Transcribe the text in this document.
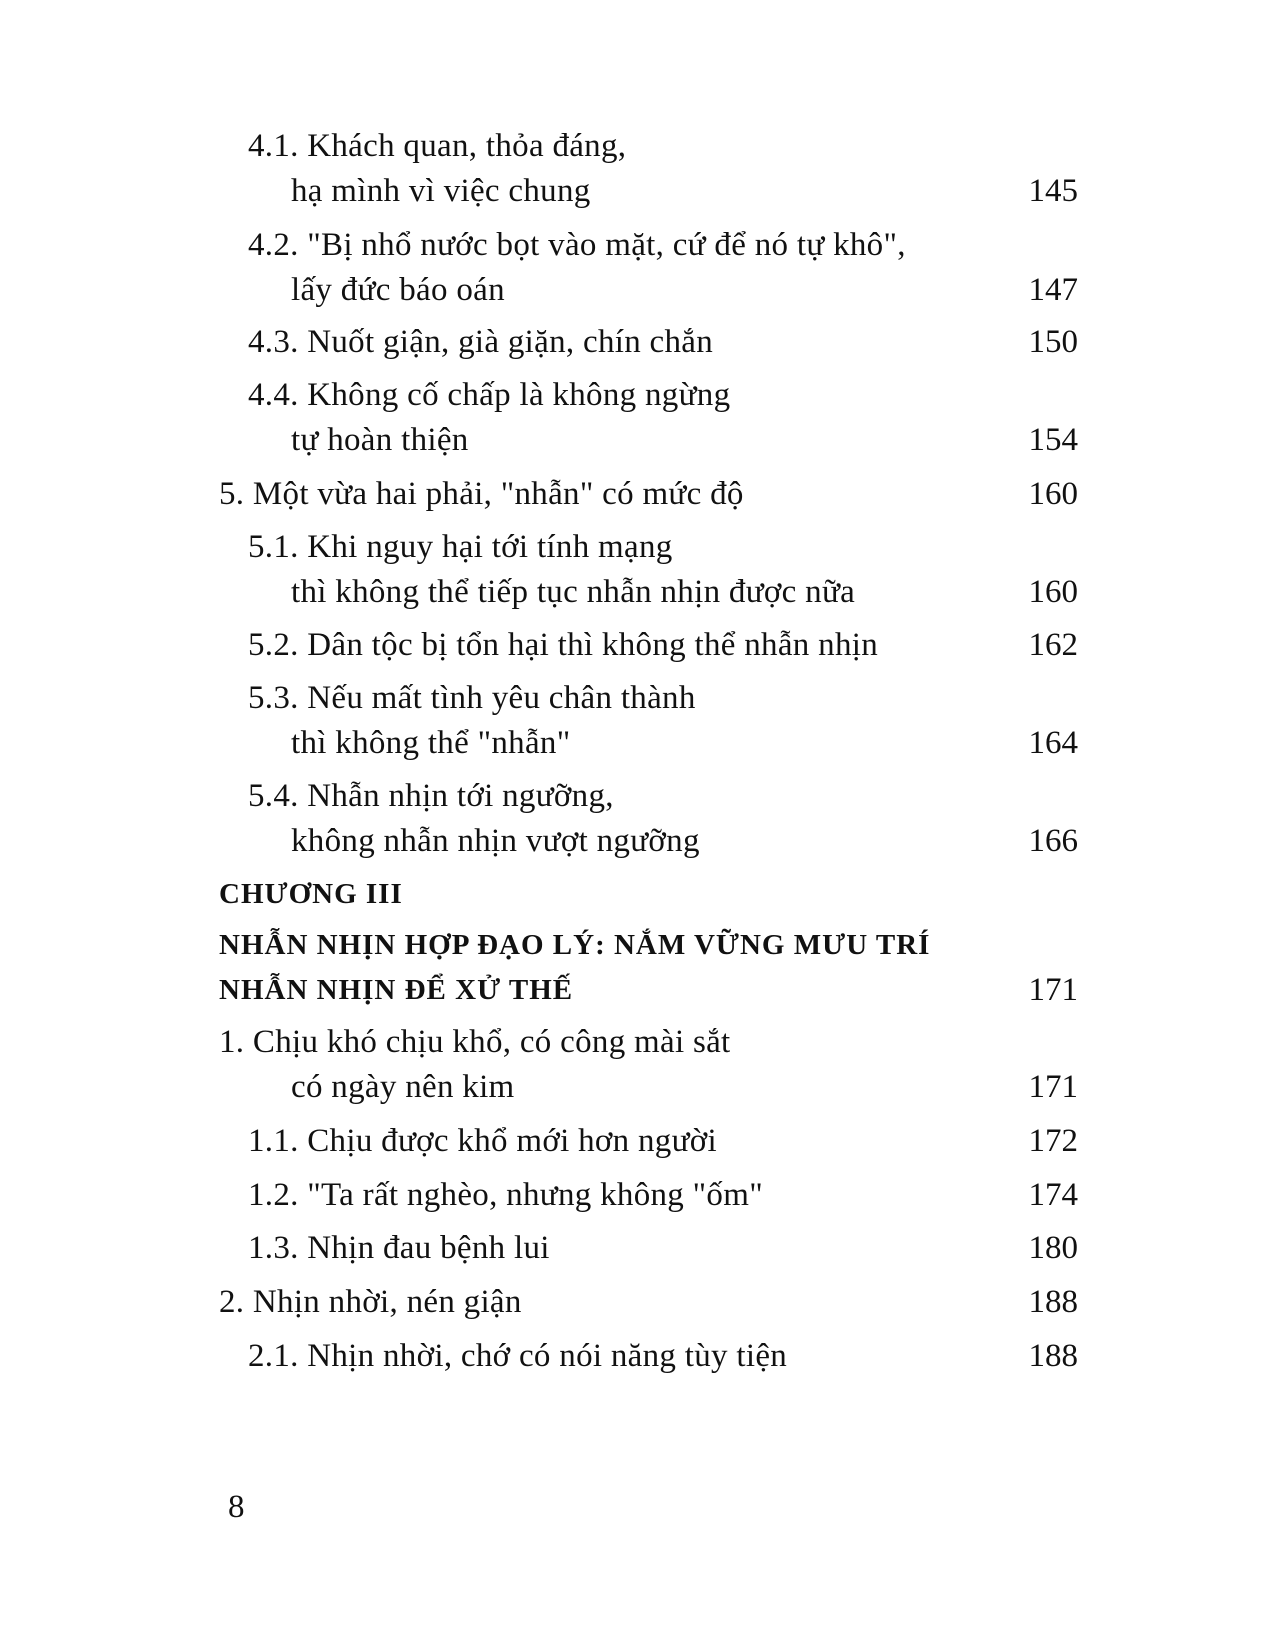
4.1. Khách quan, thỏa đáng,
hạ mình vì việc chung	145
4.2. "Bị nhổ nước bọt vào mặt, cứ để nó tự khô",
lấy đức báo oán	147
4.3. Nuốt giận, già giặn, chín chắn	150
4.4. Không cố chấp là không ngừng
tự hoàn thiện	154
5. Một vừa hai phải, "nhẫn" có mức độ	160
5.1. Khi nguy hại tới tính mạng
thì không thể tiếp tục nhẫn nhịn được nữa	160
5.2. Dân tộc bị tổn hại thì không thể nhẫn nhịn	162
5.3. Nếu mất tình yêu chân thành
thì không thể "nhẫn"	164
5.4. Nhẫn nhịn tới ngưỡng,
không nhẫn nhịn vượt ngưỡng	166
CHƯƠNG III
NHẪN NHỊN HỢP ĐẠO LÝ: NẮM VỮNG MƯU TRÍ
NHẪN NHỊN ĐỂ XỬ THẾ	171
1. Chịu khó chịu khổ, có công mài sắt
có ngày nên kim	171
1.1. Chịu được khổ mới hơn người	172
1.2. "Ta rất nghèo, nhưng không "ốm"	174
1.3. Nhịn đau bệnh lui	180
2. Nhịn nhời, nén giận	188
2.1. Nhịn nhời, chớ có nói năng tùy tiện	188
8
